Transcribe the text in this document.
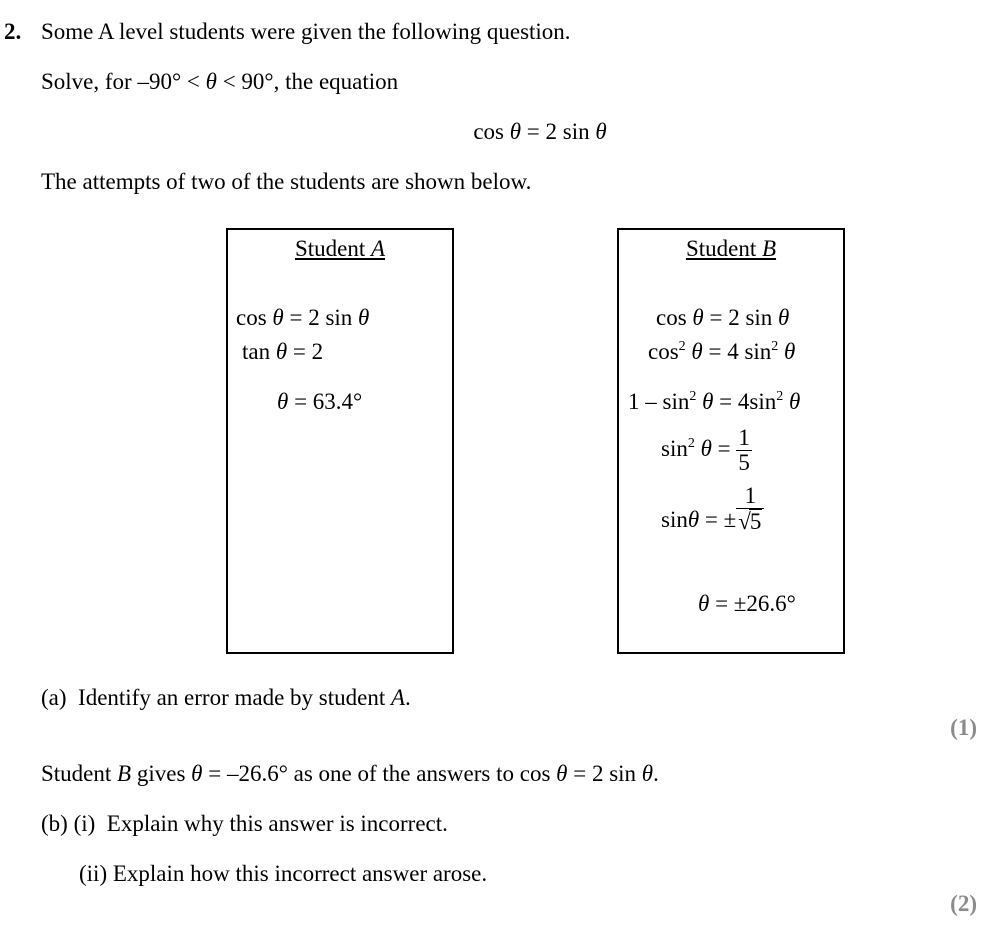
2. Some A level students were given the following question.
Solve, for –90° < θ < 90°, the equation
cos θ = 2 sin θ
The attempts of two of the students are shown below.
Student A
cos θ = 2 sin θ
tan θ = 2
θ = 63.4°
Student B
cos θ = 2 sin θ
$\cos^2 \theta = 4$ $\sin^2 \theta$
$1 - \sin^2 \theta = 4\sin^2$ θ
$\sin^2 \theta = \frac{1}{5}$
sinθ = ± $\frac{1}{√5}$
θ = ±26.6°
(a) Identify an error made by student A.
(1)
Student B gives θ = –26.6° as one of the answers to cos θ = 2 sin θ.
(b) (i) Explain why this answer is incorrect.
(ii) Explain how this incorrect answer arose.
(2)
